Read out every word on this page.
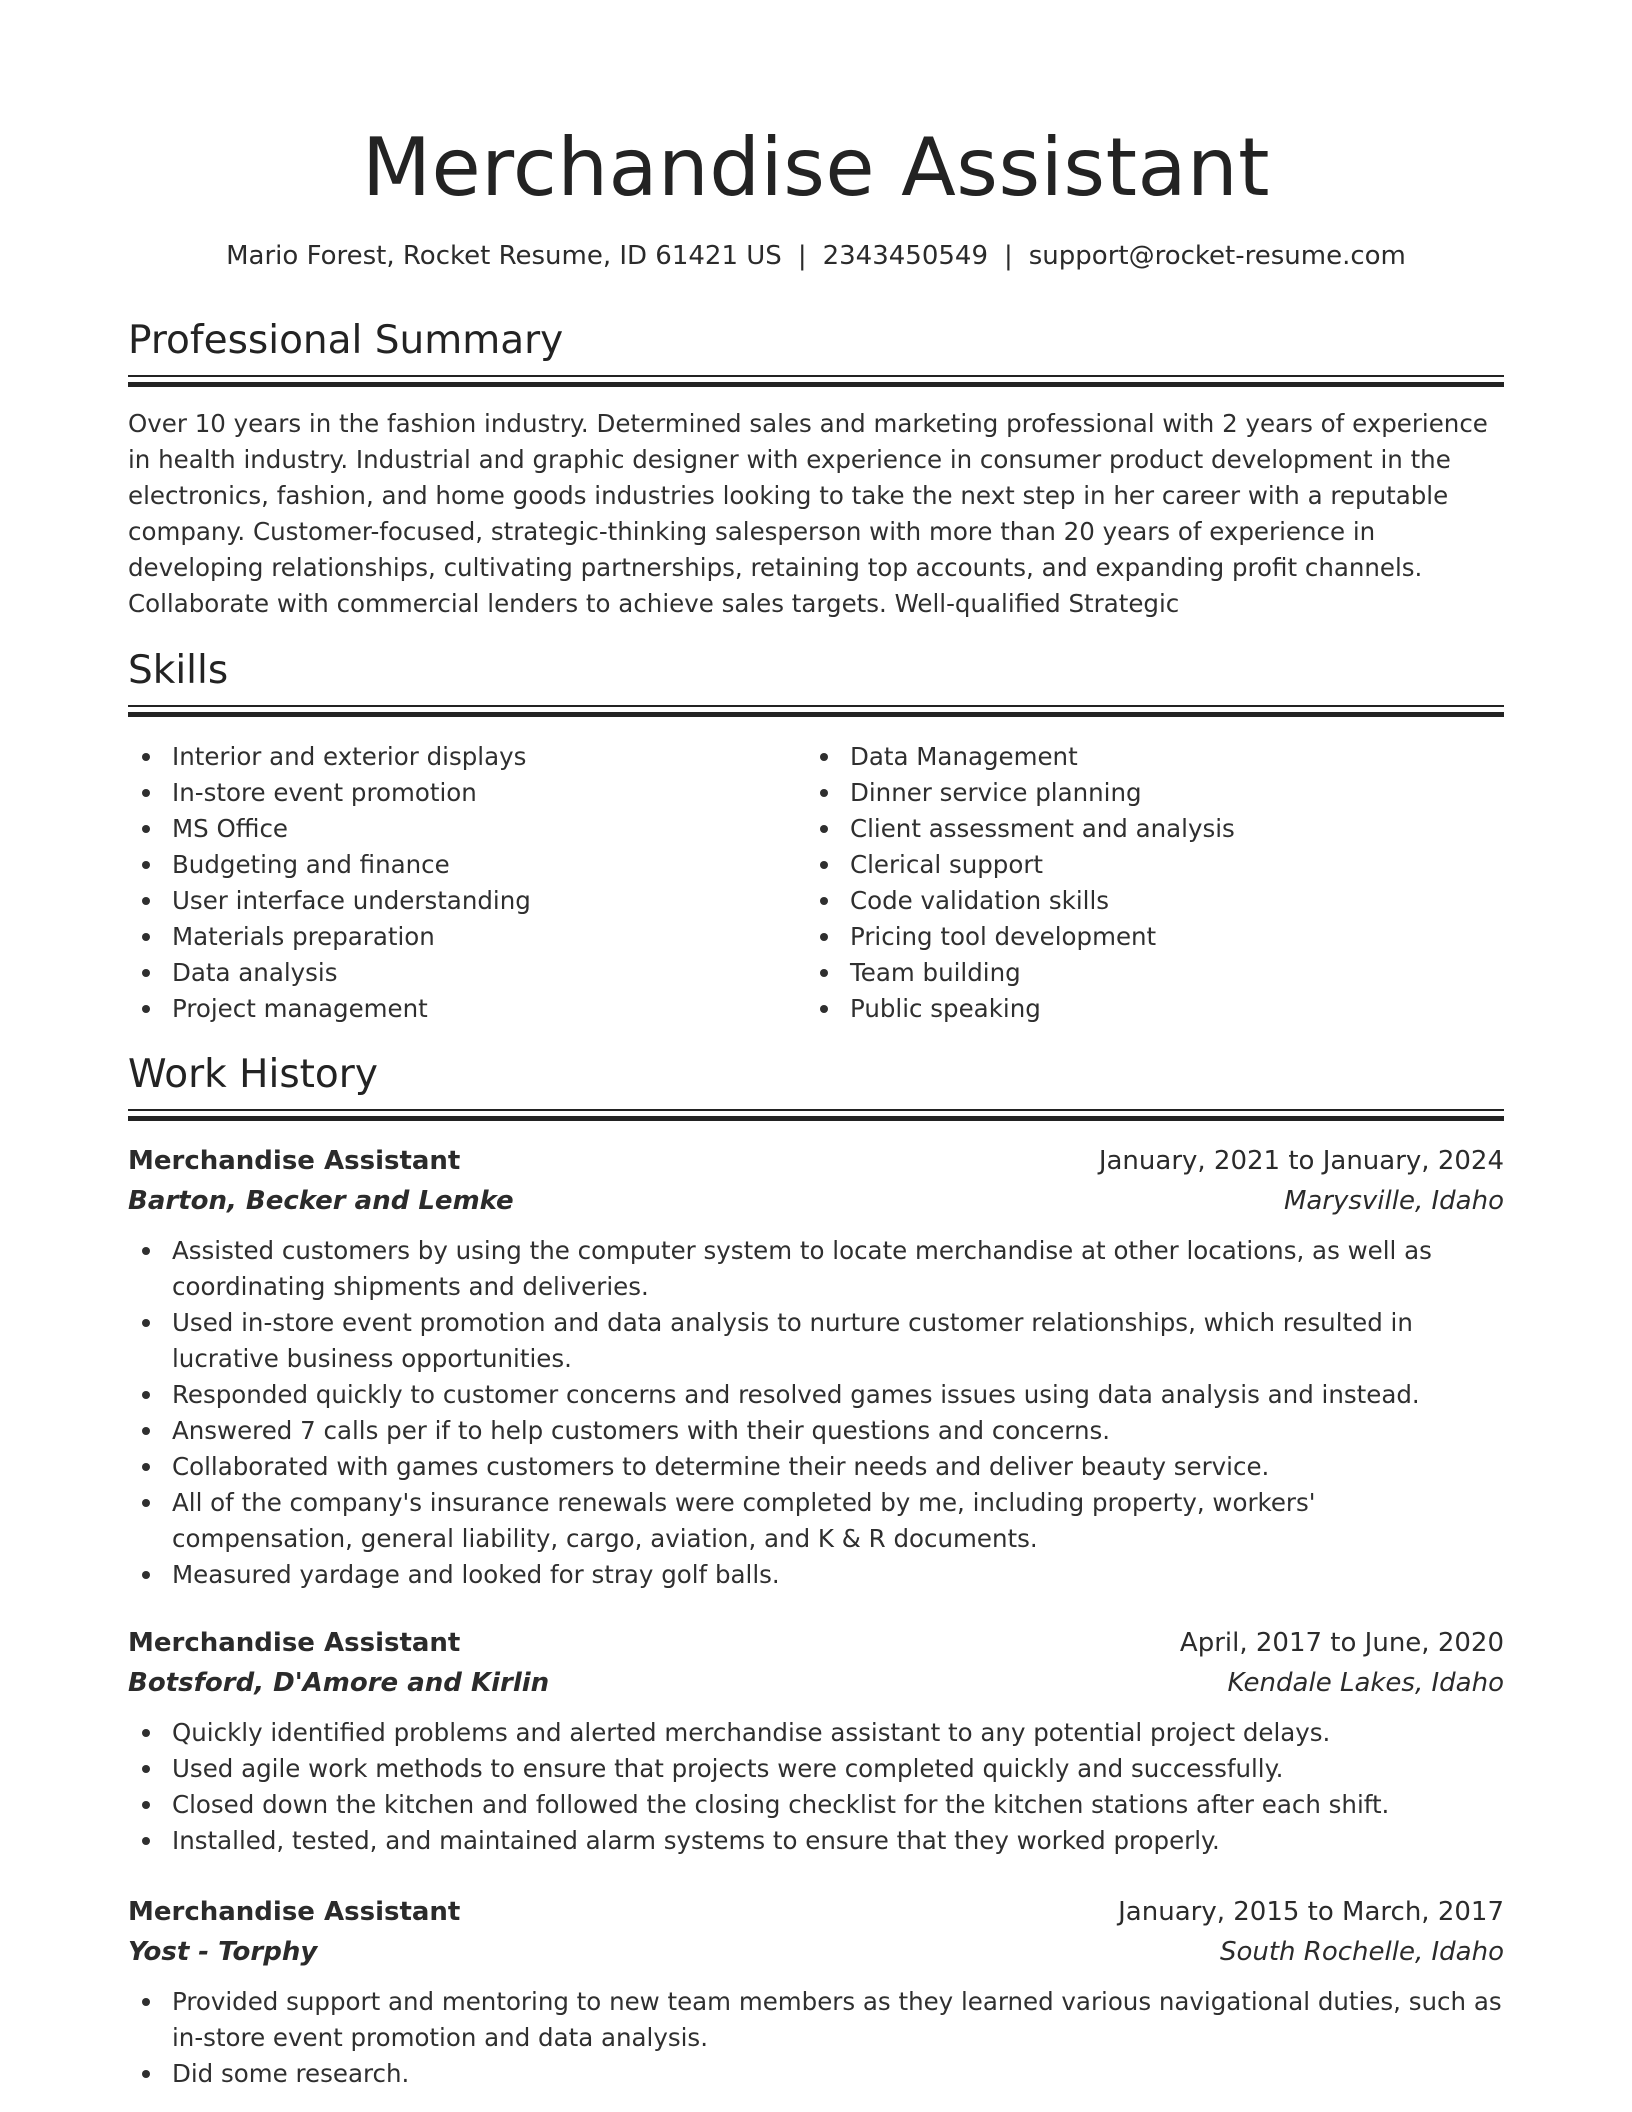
Merchandise Assistant
Mario Forest, Rocket Resume, ID 61421 US | 2343450549 | support@rocket-resume.com
Professional Summary

Over 10 years in the fashion industry. Determined sales and marketing professional with 2 years of experience in health industry. Industrial and graphic designer with experience in consumer product development in the electronics, fashion, and home goods industries looking to take the next step in her career with a reputable company. Customer-focused, strategic-thinking salesperson with more than 20 years of experience in developing relationships, cultivating partnerships, retaining top accounts, and expanding profit channels. Collaborate with commercial lenders to achieve sales targets. Well-qualified Strategic

Skills
Interior and exterior displays
In-store event promotion
MS Office
Budgeting and finance
User interface understanding
Materials preparation
Data analysis
Project management
Data Management
Dinner service planning
Client assessment and analysis
Clerical support
Code validation skills
Pricing tool development
Team building
Public speaking
Work History
Merchandise Assistant	January, 2021 to January, 2024
Barton, Becker and Lemke	Marysville, Idaho
Assisted customers by using the computer system to locate merchandise at other locations, as well as coordinating shipments and deliveries.
Used in-store event promotion and data analysis to nurture customer relationships, which resulted in lucrative business opportunities.
Responded quickly to customer concerns and resolved games issues using data analysis and instead.
Answered 7 calls per if to help customers with their questions and concerns.
Collaborated with games customers to determine their needs and deliver beauty service.
All of the company's insurance renewals were completed by me, including property, workers' compensation, general liability, cargo, aviation, and K & R documents.
Measured yardage and looked for stray golf balls.
Merchandise Assistant	April, 2017 to June, 2020
Botsford, D'Amore and Kirlin	Kendale Lakes, Idaho
Quickly identified problems and alerted merchandise assistant to any potential project delays.
Used agile work methods to ensure that projects were completed quickly and successfully.
Closed down the kitchen and followed the closing checklist for the kitchen stations after each shift.
Installed, tested, and maintained alarm systems to ensure that they worked properly.
Merchandise Assistant	January, 2015 to March, 2017
Yost - Torphy	South Rochelle, Idaho
Provided support and mentoring to new team members as they learned various navigational duties, such as in-store event promotion and data analysis.
Did some research.
